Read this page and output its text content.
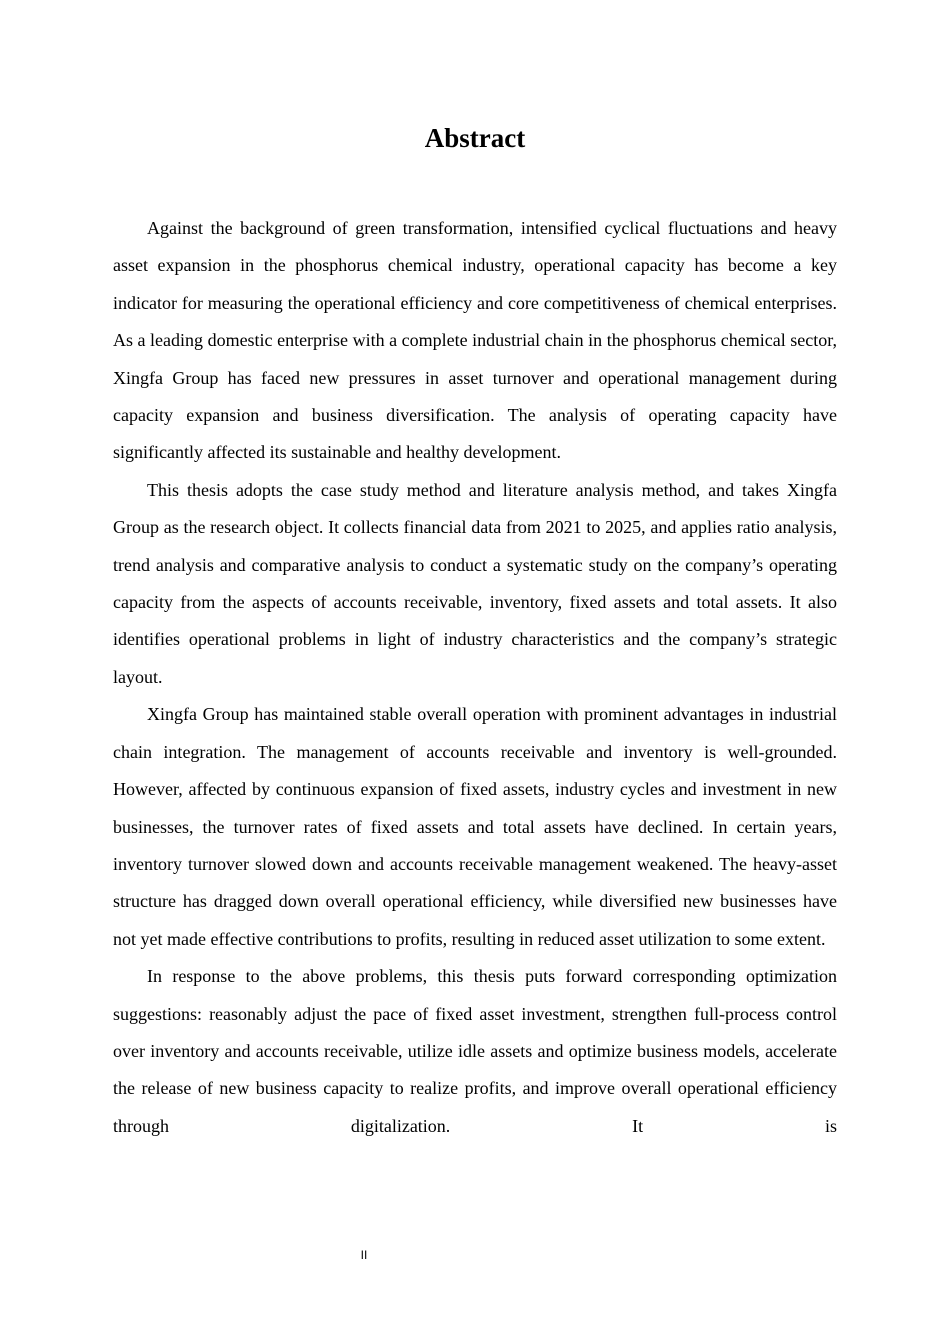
Abstract

Against the background of green transformation, intensified cyclical fluctuations and heavy asset expansion in the phosphorus chemical industry, operational capacity has become a key indicator for measuring the operational efficiency and core competitiveness of chemical enterprises. As a leading domestic enterprise with a complete industrial chain in the phosphorus chemical sector, Xingfa Group has faced new pressures in asset turnover and operational management during capacity expansion and business diversification. The analysis of operating capacity have significantly affected its sustainable and healthy development.

This thesis adopts the case study method and literature analysis method, and takes Xingfa Group as the research object. It collects financial data from 2021 to 2025, and applies ratio analysis, trend analysis and comparative analysis to conduct a systematic study on the company’s operating capacity from the aspects of accounts receivable, inventory, fixed assets and total assets. It also identifies operational problems in light of industry characteristics and the company’s strategic layout.

Xingfa Group has maintained stable overall operation with prominent advantages in industrial chain integration. The management of accounts receivable and inventory is well-grounded. However, affected by continuous expansion of fixed assets, industry cycles and investment in new businesses, the turnover rates of fixed assets and total assets have declined. In certain years, inventory turnover slowed down and accounts receivable management weakened. The heavy-asset structure has dragged down overall operational efficiency, while diversified new businesses have not yet made effective contributions to profits, resulting in reduced asset utilization to some extent.

In response to the above problems, this thesis puts forward corresponding optimization suggestions: reasonably adjust the pace of fixed asset investment, strengthen full-process control over inventory and accounts receivable, utilize idle assets and optimize business models, accelerate the release of new business capacity to realize profits, and improve overall operational efficiency through digitalization. It is

II
